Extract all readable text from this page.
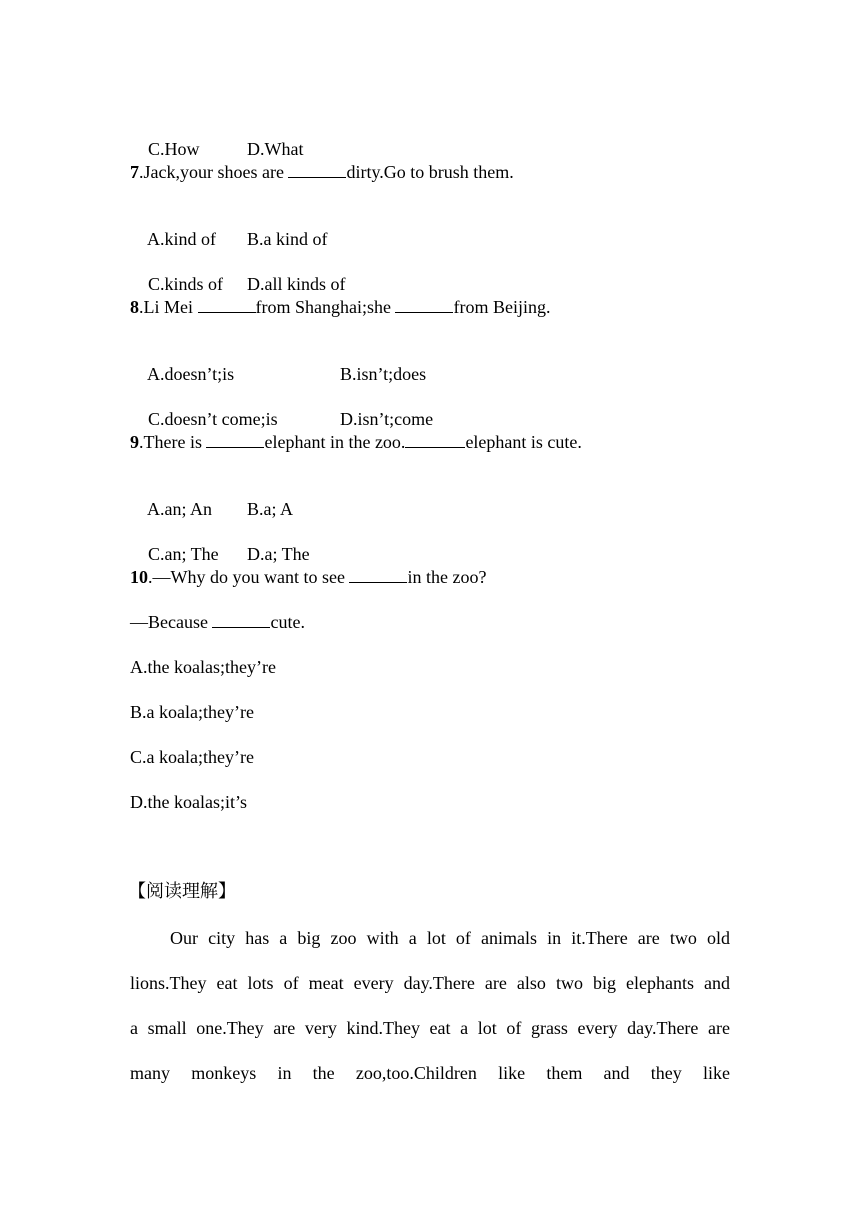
C.How	D.What

7.Jack,your shoes are	dirty.Go to brush them.

A.kind of B.a kind of

C.kinds of D.all kinds of

8.Li Mei	from Shanghai;she	from Beijing.

A.doesn’t;is	B.isn’t;does

C.doesn’t come;is	D.isn’t;come

9.There is	elephant in the zoo.	elephant is cute.

A.an; An B.a; A

C.an; The D.a; The

10.—Why do you want to see	in the zoo?
—Because	cute.
A.the koalas;they’re
B.a koala;they’re
C.a koala;they’re
D.the koalas;it’s
【阅读理解】
Our city has a big zoo with a lot of animals in it.There are two old
lions.They eat lots of meat every day.There are also two big elephants and
a small one.They are very kind.They eat a lot of grass every day.There are
many monkeys in the zoo,too.Children like them and they like
